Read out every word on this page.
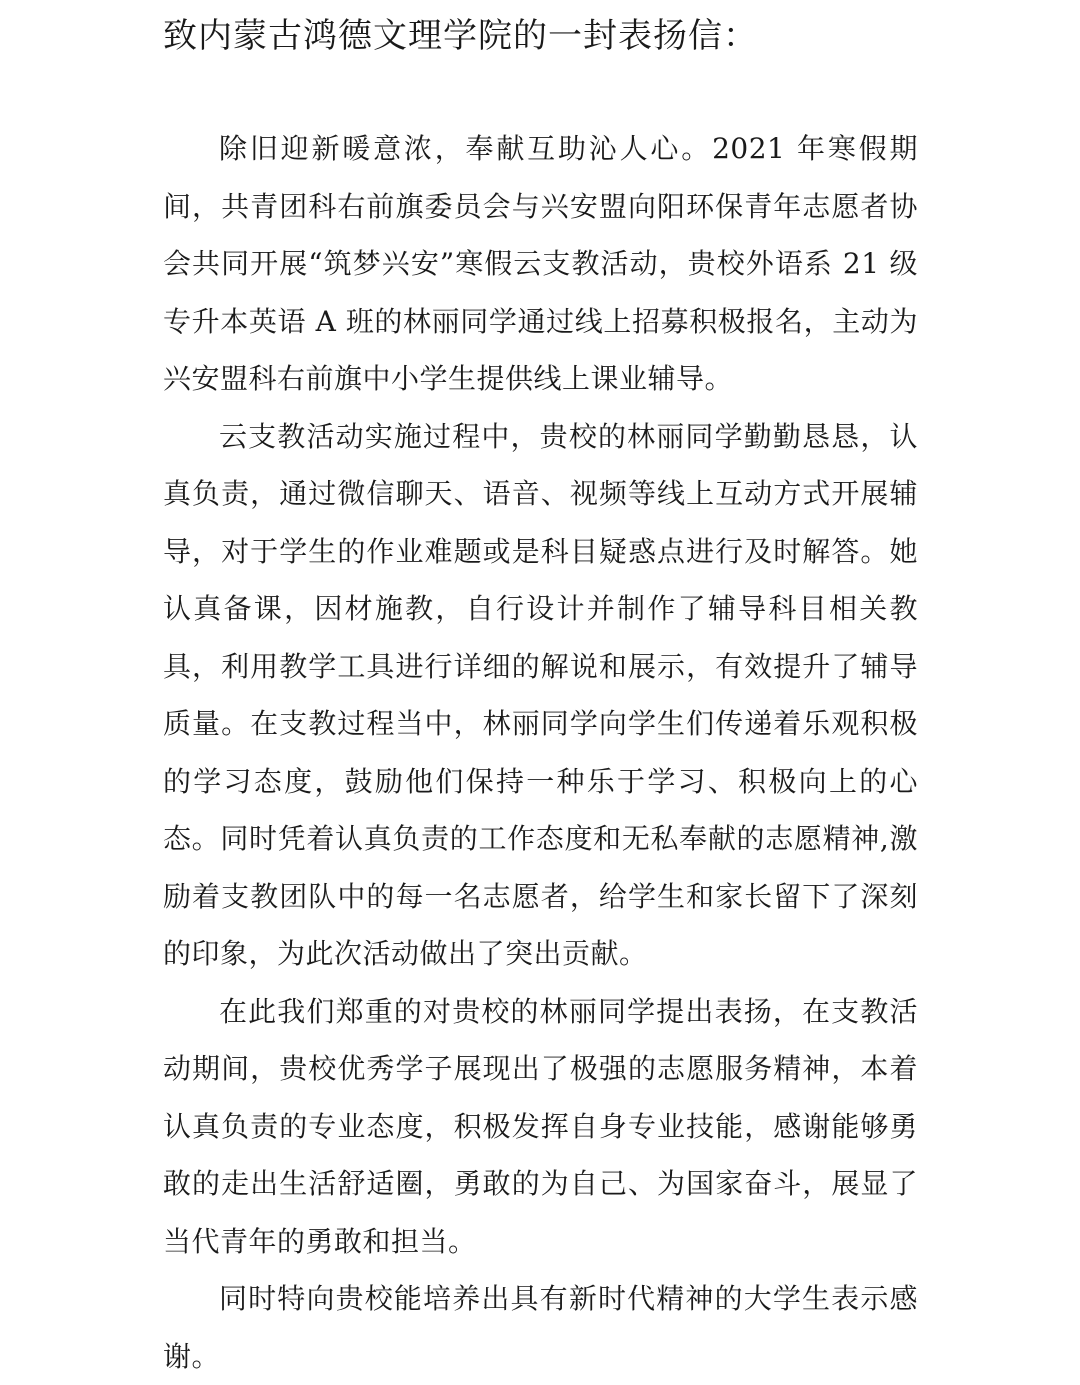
致内蒙古鸿德文理学院的一封表扬信：

除旧迎新暖意浓，奉献互助沁人心。2021 年寒假期间，共青团科右前旗委员会与兴安盟向阳环保青年志愿者协会共同开展“筑梦兴安”寒假云支教活动，贵校外语系 21 级专升本英语 A 班的林丽同学通过线上招募积极报名，主动为兴安盟科右前旗中小学生提供线上课业辅导。

云支教活动实施过程中，贵校的林丽同学勤勤恳恳，认真负责，通过微信聊天、语音、视频等线上互动方式开展辅导，对于学生的作业难题或是科目疑惑点进行及时解答。她认真备课，因材施教，自行设计并制作了辅导科目相关教具，利用教学工具进行详细的解说和展示，有效提升了辅导质量。在支教过程当中，林丽同学向学生们传递着乐观积极的学习态度，鼓励他们保持一种乐于学习、积极向上的心态。同时凭着认真负责的工作态度和无私奉献的志愿精神,激励着支教团队中的每一名志愿者，给学生和家长留下了深刻的印象，为此次活动做出了突出贡献。

在此我们郑重的对贵校的林丽同学提出表扬，在支教活动期间，贵校优秀学子展现出了极强的志愿服务精神，本着认真负责的专业态度，积极发挥自身专业技能，感谢能够勇敢的走出生活舒适圈，勇敢的为自己、为国家奋斗，展显了当代青年的勇敢和担当。

同时特向贵校能培养出具有新时代精神的大学生表示感谢。
